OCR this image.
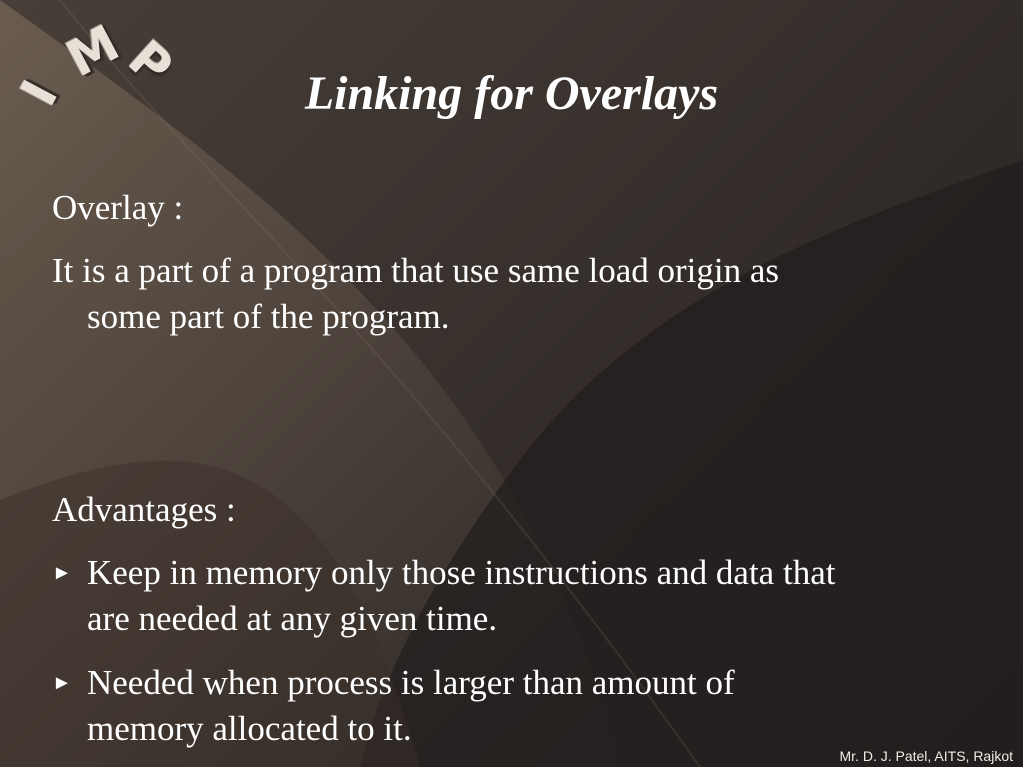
I
M
P	Linking for Overlays
Overlay :
It is a part of a program that use same load origin as
some part of the program.
Advantages :
► Keep in memory only those instructions and data that
are needed at any given time.
► Needed when process is larger than amount of
memory allocated to it.
Mr. D. J. Patel, AITS, Rajkot
